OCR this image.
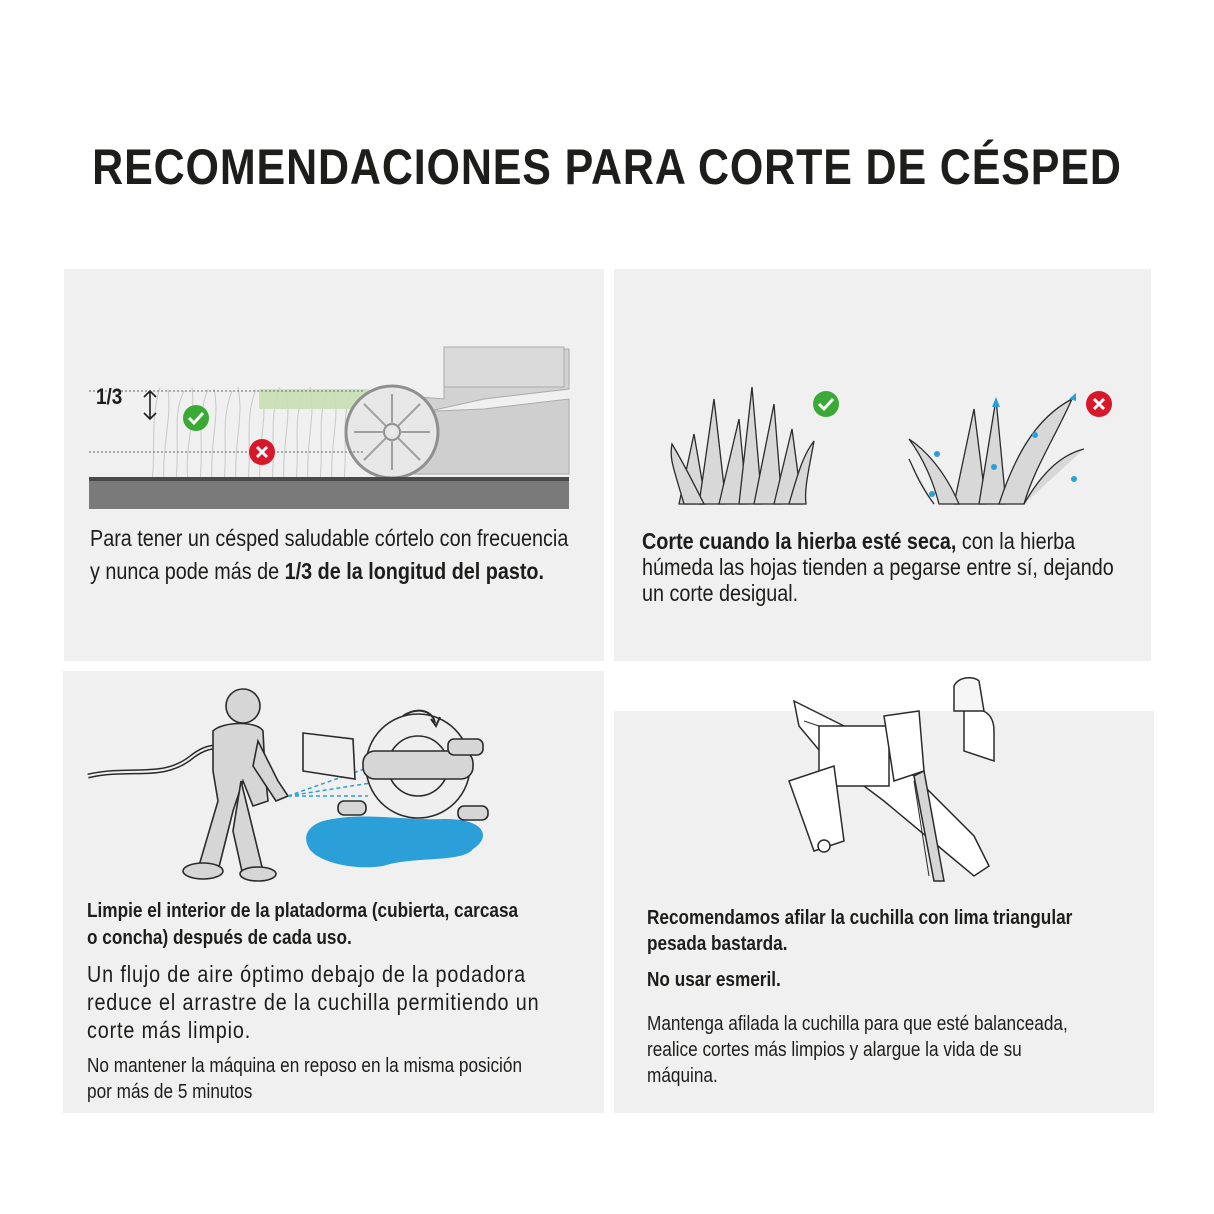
RECOMENDACIONES PARA CORTE DE CÉSPED
1/3
Para tener un césped saludable córtelo con frecuencia
y nunca pode más de 1/3 de la longitud del pasto.
Corte cuando la hierba esté seca, con la hierba
húmeda las hojas tienden a pegarse entre sí, dejando
un corte desigual.
Limpie el interior de la platadorma (cubierta, carcasa
o concha) después de cada uso.
Un flujo de aire óptimo debajo de la podadora
reduce el arrastre de la cuchilla permitiendo un
corte más limpio.
No mantener la máquina en reposo en la misma posición
por más de 5 minutos
Recomendamos afilar la cuchilla con lima triangular
pesada bastarda.
No usar esmeril.
Mantenga afilada la cuchilla para que esté balanceada,
realice cortes más limpios y alargue la vida de su
máquina.
